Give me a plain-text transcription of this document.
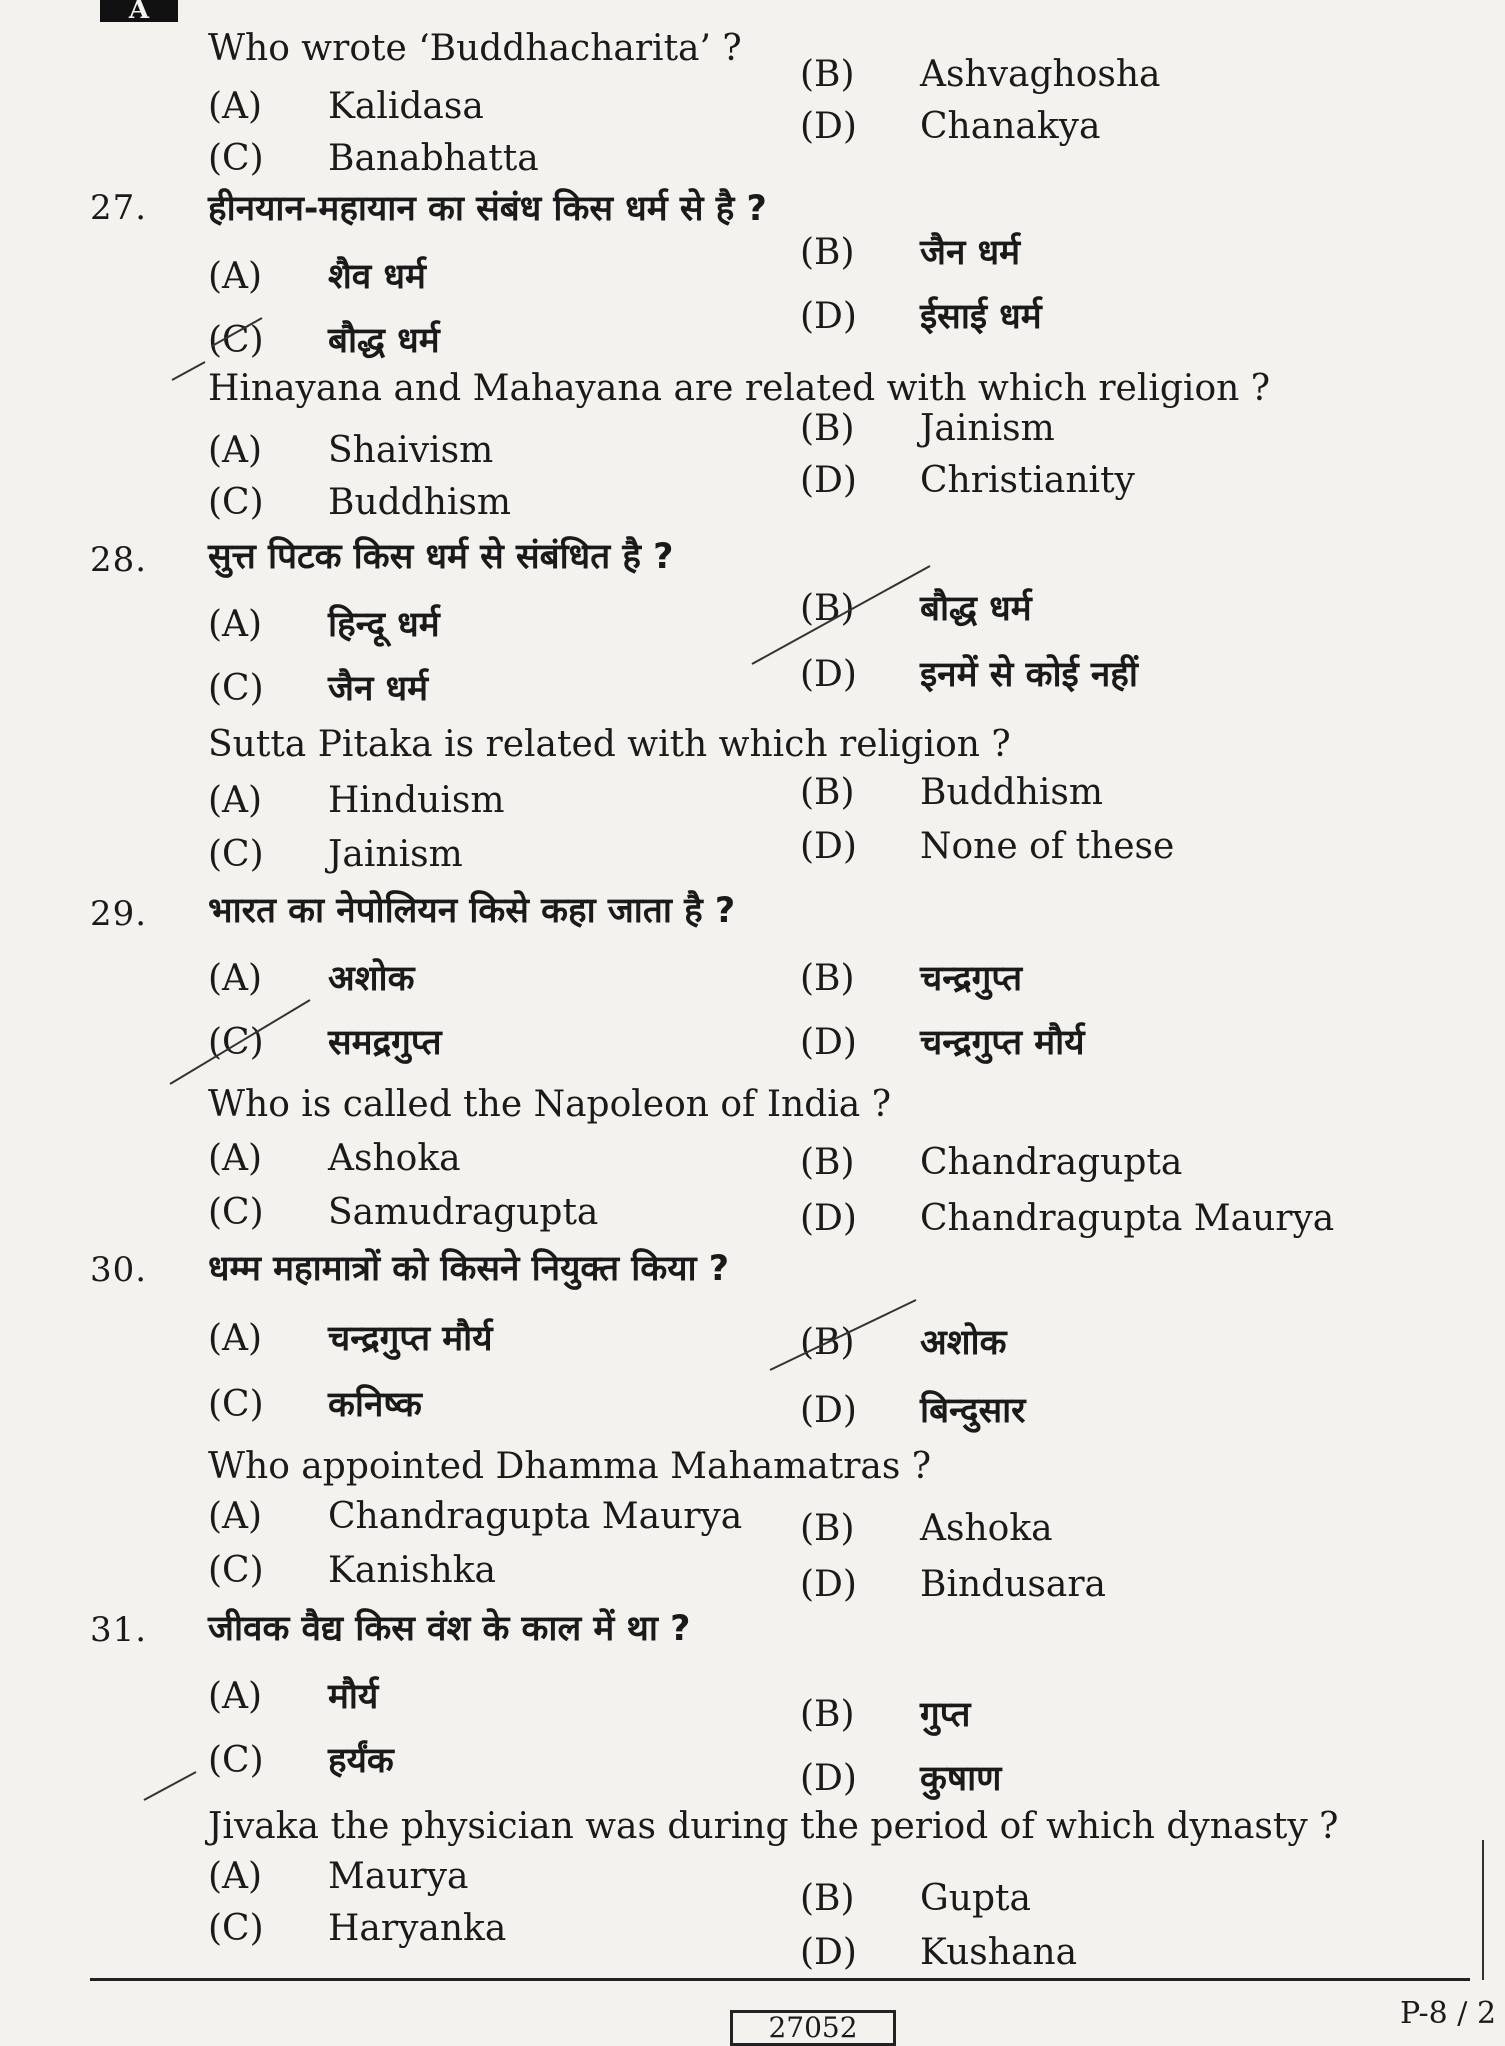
A
Who wrote ‘Buddhacharita’ ?
(A) Kalidasa
(B) Ashvaghosha
(C) Banabhatta
(D) Chanakya
27. हीनयान-महायान का संबंध किस धर्म से है ?
(A) शैव धर्म
(B) जैन धर्म
(C) बौद्ध धर्म
(D) ईसाई धर्म
Hinayana and Mahayana are related with which religion ?
(A) Shaivism
(B) Jainism
(C) Buddhism
(D) Christianity
28. सुत्त पिटक किस धर्म से संबंधित है ?
(A) हिन्दू धर्म	(B) बौद्ध धर्म
(C) जैन धर्म	(D) इनमें से कोई नहीं
Sutta Pitaka is related with which religion ?
(A) Hinduism	(B) Buddhism
(C) Jainism	(D) None of these
29. भारत का नेपोलियन किसे कहा जाता है ?
(A) अशोक	(B) चन्द्रगुप्त
(C) समद्रगुप्त	(D) चन्द्रगुप्त मौर्य
Who is called the Napoleon of India ?
(A) Ashoka	(B) Chandragupta
(C) Samudragupta	(D) Chandragupta Maurya
30. धम्म महामात्रों को किसने नियुक्त किया ?
(A) चन्द्रगुप्त मौर्य	(B) अशोक
(C) कनिष्क	(D) बिन्दुसार
Who appointed Dhamma Mahamatras ?
(A) Chandragupta Maurya (B) Ashoka
(C) Kanishka	(D) Bindusara
31. जीवक वैद्य किस वंश के काल में था ?
(A) मौर्य	(B) गुप्त
(C) हर्यंक	(D) कुषाण
Jivaka the physician was during the period of which dynasty ?
(A) Maurya
(B) Gupta
(C) Haryanka
(D) Kushana
27052	P-8 / 2
